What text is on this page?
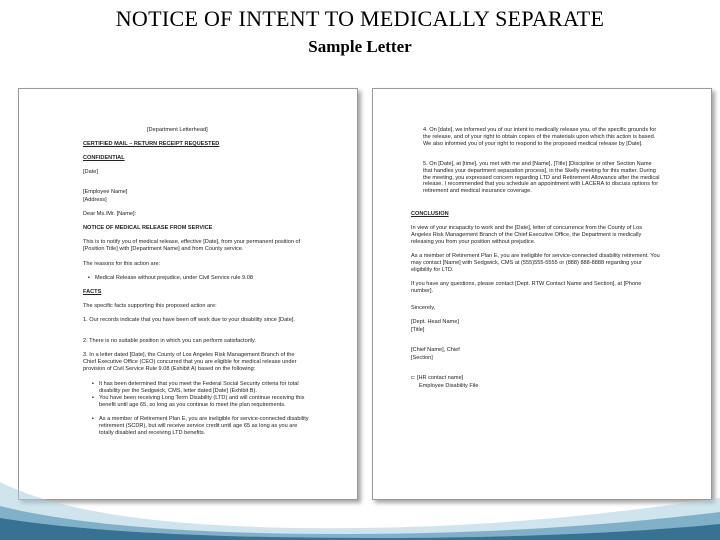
NOTICE OF INTENT TO MEDICALLY SEPARATE
Sample Letter
[Department Letterhead]
CERTIFIED MAIL – RETURN RECEIPT REQUESTED
CONFIDENTIAL
[Date]
[Employee Name]
[Address]
Dear Ms./Mr. [Name]:
NOTICE OF MEDICAL RELEASE FROM SERVICE
This is to notify you of medical release, effective [Date], from your permanent position of [Position Title] with [Department Name] and from County service.
The reasons for this action are:
▪ Medical Release without prejudice, under Civil Service rule 9.08
FACTS
The specific facts supporting this proposed action are:
1. Our records indicate that you have been off work due to your disability since [Date].
2. There is no suitable position in which you can perform satisfactorily.
3. In a letter dated [Date], the County of Los Angeles Risk Management Branch of the Chief Executive Office (CEO) concurred that you are eligible for medical release under provision of Civil Service Rule 9.08 (Exhibit A) based on the following:
▪ It has been determined that you meet the Federal Social Security criteria for total disability per the Sedgwick, CMS, letter dated [Date] (Exhibit B).
▪ You have been receiving Long Term Disability (LTD) and will continue receiving this benefit until age 65, so long as you continue to meet the plan requirements.
▪ As a member of Retirement Plan E, you are ineligible for service-connected disability retirement (SCDR), but will receive service credit until age 65 as long as you are totally disabled and receiving LTD benefits.
4. On [date], we informed you of our intent to medically release you, of the specific grounds for the release, and of your right to obtain copies of the materials upon which this action is based. We also informed you of your right to respond to the proposed medical release by [Date].
5. On [Date], at [time], you met with me and [Name], [Title] [Discipline or other Section Name that handles your department separation process], in the Skelly meeting for this matter. During the meeting, you expressed concern regarding LTD and Retirement Allowance after the medical release. I recommended that you schedule an appointment with LACERA to discuss options for retirement and medical insurance coverage.
CONCLUSION
In view of your incapacity to work and the [Date], letter of concurrence from the County of Los Angeles Risk Management Branch of the Chief Executive Office, the Department is medically releasing you from your position without prejudice.
As a member of Retirement Plan E, you are ineligible for service-connected disability retirement. You may contact [Name] with Sedgwick, CMS at (555)555-5555 or (888) 888-8888 regarding your eligibility for LTD.
If you have any questions, please contact [Dept. RTW Contact Name and Section], at [Phone number].
Sincerely,
[Dept. Head Name]
[Title]
[Chief Name], Chief
[Section]
c: [HR contact name]
Employee Disability File
